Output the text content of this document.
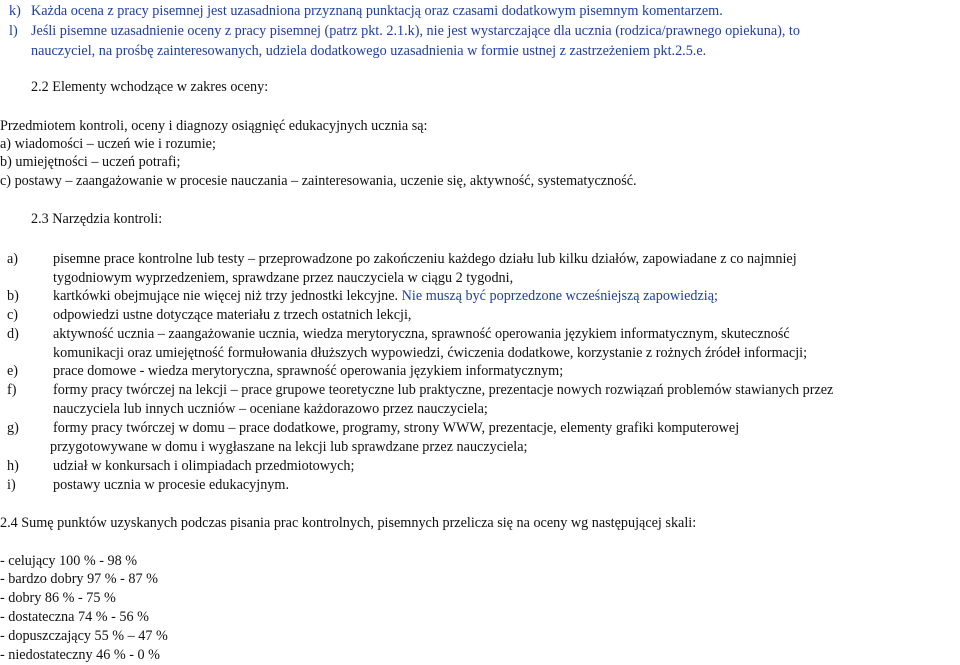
k) Każda ocena z pracy pisemnej jest uzasadniona przyznaną punktacją oraz czasami dodatkowym pisemnym komentarzem.
l) Jeśli pisemne uzasadnienie oceny z pracy pisemnej (patrz pkt. 2.1.k), nie jest wystarczające dla ucznia (rodzica/prawnego opiekuna), to
nauczyciel, na prośbę zainteresowanych, udziela dodatkowego uzasadnienia w formie ustnej z zastrzeżeniem pkt.2.5.e.
2.2 Elementy wchodzące w zakres oceny:
Przedmiotem kontroli, oceny i diagnozy osiągnięć edukacyjnych ucznia są:
a) wiadomości – uczeń wie i rozumie;
b) umiejętności – uczeń potrafi;
c) postawy – zaangażowanie w procesie nauczania – zainteresowania, uczenie się, aktywność, systematyczność.
2.3 Narzędzia kontroli:
a) pisemne prace kontrolne lub testy – przeprowadzone po zakończeniu każdego działu lub kilku działów, zapowiadane z co najmniej
tygodniowym wyprzedzeniem, sprawdzane przez nauczyciela w ciągu 2 tygodni,
b) kartkówki obejmujące nie więcej niż trzy jednostki lekcyjne. Nie muszą być poprzedzone wcześniejszą zapowiedzią;
c) odpowiedzi ustne dotyczące materiału z trzech ostatnich lekcji,
d) aktywność ucznia – zaangażowanie ucznia, wiedza merytoryczna, sprawność operowania językiem informatycznym, skuteczność
komunikacji oraz umiejętność formułowania dłuższych wypowiedzi, ćwiczenia dodatkowe, korzystanie z rożnych źródeł informacji;
e) prace domowe - wiedza merytoryczna, sprawność operowania językiem informatycznym;
f)	formy pracy twórczej na lekcji – prace grupowe teoretyczne lub praktyczne, prezentacje nowych rozwiązań problemów stawianych przez
nauczyciela lub innych uczniów – oceniane każdorazowo przez nauczyciela;
g) formy pracy twórczej w domu – prace dodatkowe, programy, strony WWW, prezentacje, elementy grafiki komputerowej
przygotowywane w domu i wygłaszane na lekcji lub sprawdzane przez nauczyciela;
h) udział w konkursach i olimpiadach przedmiotowych;
i)	postawy ucznia w procesie edukacyjnym.
2.4 Sumę punktów uzyskanych podczas pisania prac kontrolnych, pisemnych przelicza się na oceny wg następującej skali:
- celujący 100 % - 98 %
- bardzo dobry 97 % - 87 %
- dobry 86 % - 75 %
- dostateczna 74 % - 56 %
- dopuszczający 55 % – 47 %
- niedostateczny 46 % - 0 %
